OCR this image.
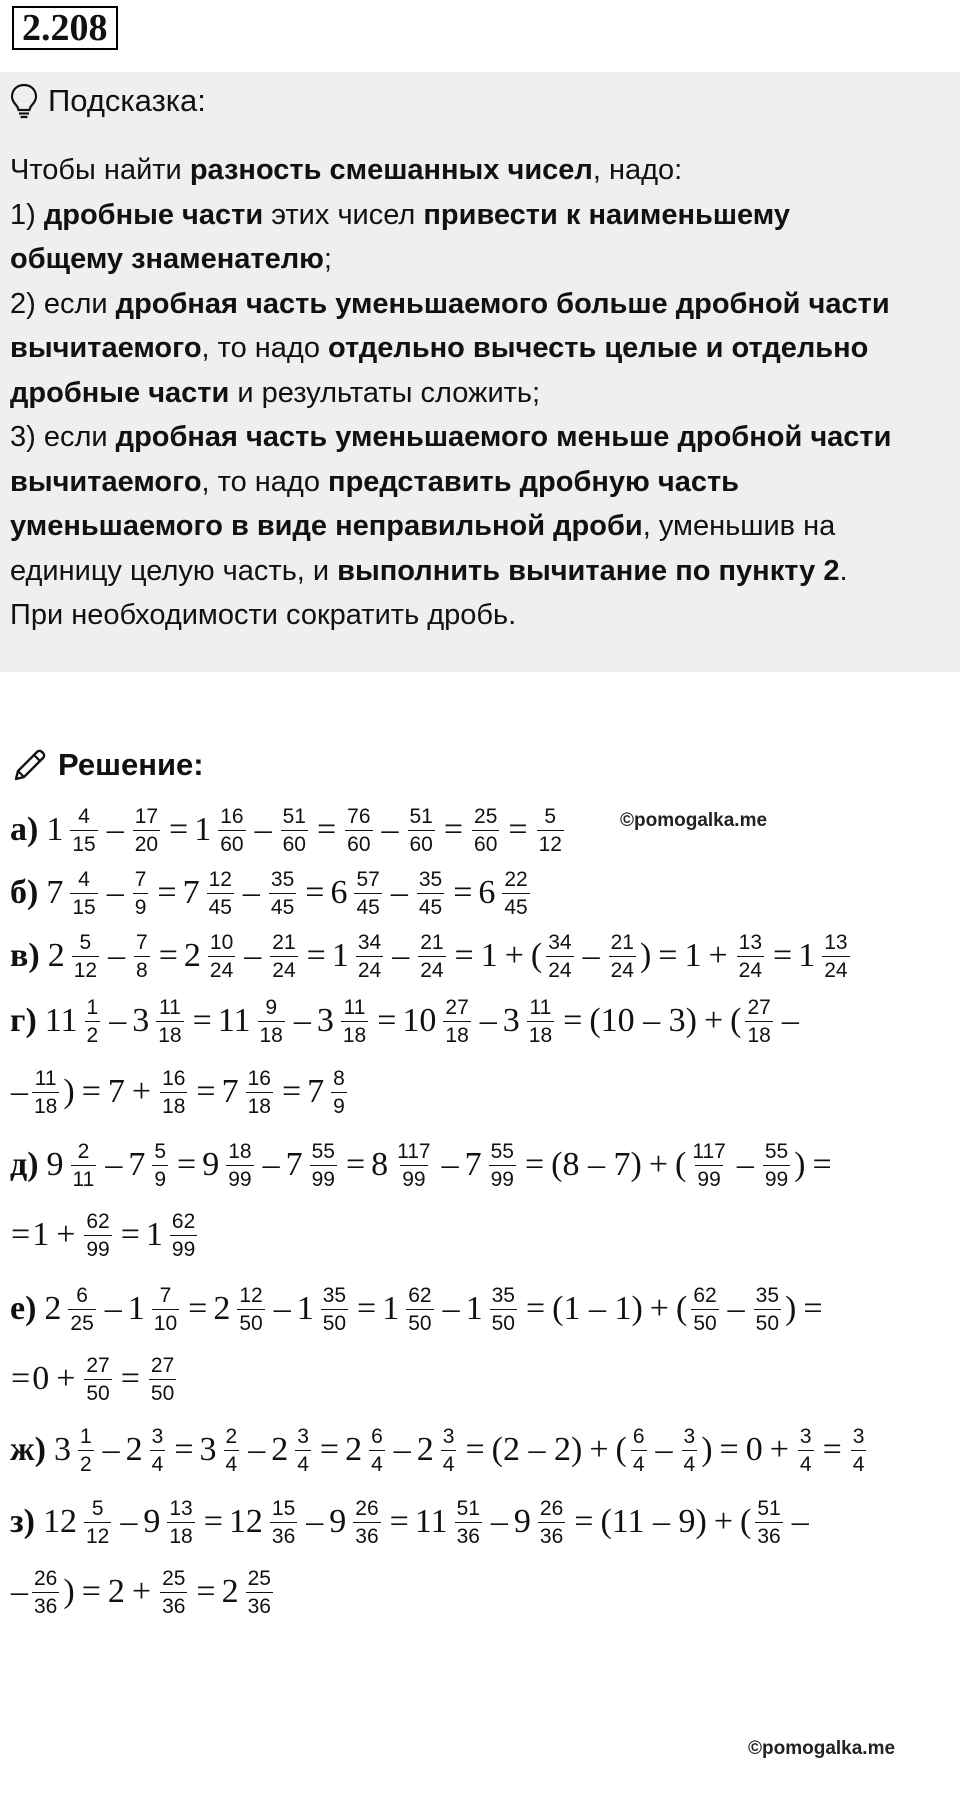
2.208
Подсказка:
Чтобы найти разность смешанных чисел, надо:
1) дробные части этих чисел привести к наименьшему
общему знаменателю;
2) если дробная часть уменьшаемого больше дробной части
вычитаемого, то надо отдельно вычесть целые и отдельно
дробные части и результаты сложить;
3) если дробная часть уменьшаемого меньше дробной части
вычитаемого, то надо представить дробную часть
уменьшаемого в виде неправильной дроби, уменьшив на
единицу целую часть, и выполнить вычитание по пункту 2.
При необходимости сократить дробь.
Решение:
а) $1 \frac{4}{15} - \frac{17}{20} = 1 \frac{16}{60} - \frac{51}{60} = \frac{76}{60} - \frac{51}{60} = \frac{25}{60} = \frac{5}{12}$
б) $7 \frac{4}{15} - \frac{7}{9} = 7 \frac{12}{45} - \frac{35}{45} = 6 \frac{57}{45} - \frac{35}{45} = 6 \frac{22}{45}$
в) $2 \frac{5}{12} - \frac{7}{8} = 2 \frac{10}{24} - \frac{21}{24} = 1 \frac{34}{24} - \frac{21}{24} = 1$ + ( $\frac{34}{24} - \frac{21}{24}$ ) = $1 + \frac{13}{24} = 1 \frac{13}{24}$
г) $11 \frac{1}{2} - 3 \frac{11}{18} = 11 \frac{9}{18} - 3 \frac{11}{18} = 10 \frac{27}{18} - 3 \frac{11}{18} = (10 - 3)$ + ( $\frac{27}{18}$ –
– $\frac{11}{18}$ ) = $7 + \frac{16}{18} = 7 \frac{16}{18} = 7 \frac{8}{9}$
д) $9 \frac{2}{11} - 7 \frac{5}{9} = 9 \frac{18}{99} - 7 \frac{55}{99} = 8 \frac{117}{99} - 7 \frac{55}{99} = (8 - 7)$ + ( $\frac{117}{99} - \frac{55}{99}$ ) =
= $1 + \frac{62}{99} = 1 \frac{62}{99}$
е) $2 \frac{6}{25} - 1 \frac{7}{10} = 2 \frac{12}{50} - 1 \frac{35}{50} = 1 \frac{62}{50} - 1 \frac{35}{50} = (1 - 1)$ + ( $\frac{62}{50} - \frac{35}{50}$ ) =
= $0 + \frac{27}{50} = \frac{27}{50}$
ж) $3 \frac{1}{2} - 2 \frac{3}{4} = 3 \frac{2}{4} - 2 \frac{3}{4} = 2 \frac{6}{4} - 2 \frac{3}{4} = (2 - 2)$ + ( $\frac{6}{4} - \frac{3}{4}$ ) = $0 + \frac{3}{4} = \frac{3}{4}$
з) $12 \frac{5}{12} - 9 \frac{13}{18} = 12 \frac{15}{36} - 9 \frac{26}{36} = 11 \frac{51}{36} - 9 \frac{26}{36} = (11 - 9)$ + ( $\frac{51}{36}$ –
– $\frac{26}{36}$ ) = $2 + \frac{25}{36} = 2 \frac{25}{36}$
©pomogalka.me
©pomogalka.me
